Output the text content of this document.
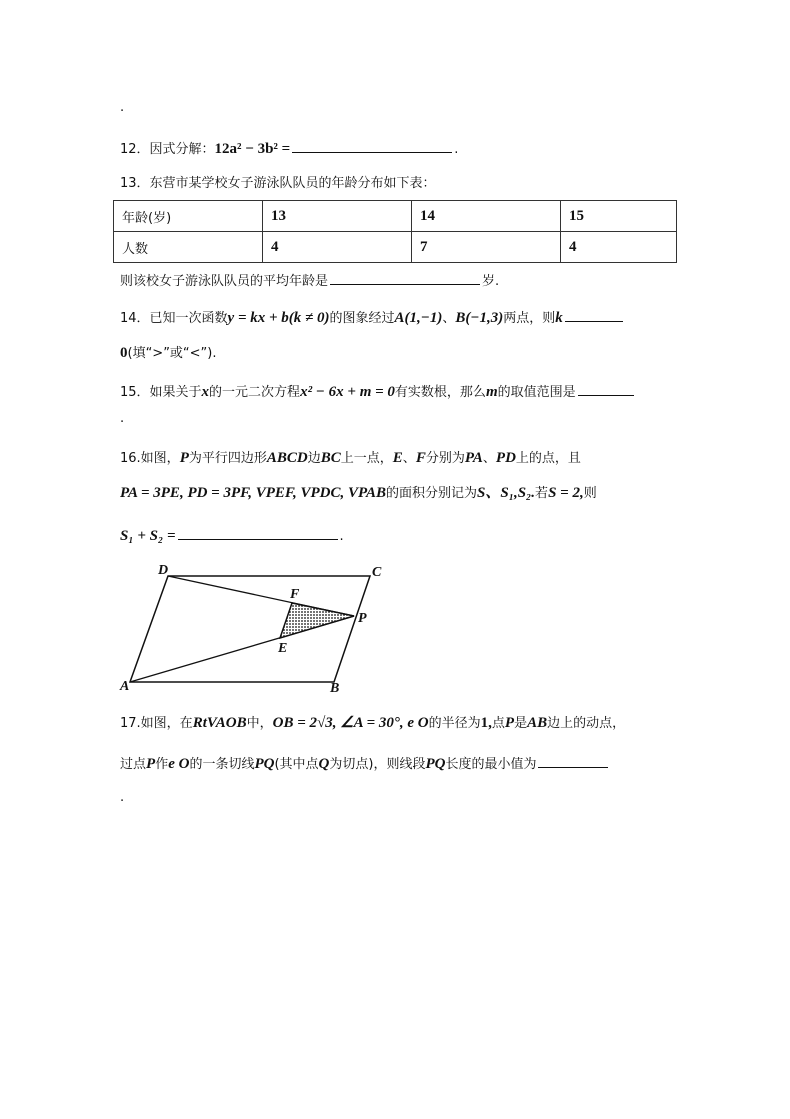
.
12．因式分解：12a² − 3b² =	.
13．东营市某学校女子游泳队队员的年龄分布如下表：
年龄(岁)	13	14	15
人数	4	7	4
则该校女子游泳队队员的平均年龄是	岁.
14．已知一次函数y = kx + b(k ≠ 0)的图象经过A(1,−1)、B(−1,3)两点，则k
0(填“>”或“<”).
15．如果关于x的一元二次方程x² − 6x + m = 0有实数根，那么m的取值范围是
.
16.如图，P为平行四边形ABCD边BC上一点，E、F分别为PA、PD上的点，且
PA = 3PE, PD = 3PF, VPEF, VPDC, VPAB的面积分别记为S、S₁,S₂.若S = 2,则
S₁ + S₂ =	.
D	C
F
P
E
A	B
17.如图，在RtVAOB中，OB = 2√3, ∠A = 30°, e O的半径为1,点P是AB边上的动点，
过点P作e O的一条切线PQ(其中点Q为切点)，则线段PQ长度的最小值为
.
